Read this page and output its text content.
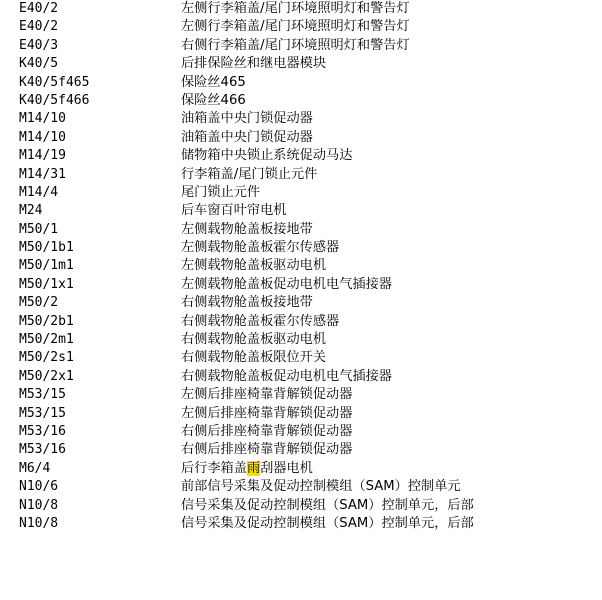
E40/2	左侧行李箱盖/尾门环境照明灯和警告灯
E40/2	左侧行李箱盖/尾门环境照明灯和警告灯
E40/3	右侧行李箱盖/尾门环境照明灯和警告灯
K40/5	后排保险丝和继电器模块
K40/5f465	保险丝465
K40/5f466	保险丝466
M14/10	油箱盖中央门锁促动器
M14/10	油箱盖中央门锁促动器
M14/19	储物箱中央锁止系统促动马达
M14/31	行李箱盖/尾门锁止元件
M14/4	尾门锁止元件
M24	后车窗百叶帘电机
M50/1	左侧载物舱盖板接地带
M50/1b1	左侧载物舱盖板霍尔传感器
M50/1m1	左侧载物舱盖板驱动电机
M50/1x1	左侧载物舱盖板促动电机电气插接器
M50/2	右侧载物舱盖板接地带
M50/2b1	右侧载物舱盖板霍尔传感器
M50/2m1	右侧载物舱盖板驱动电机
M50/2s1	右侧载物舱盖板限位开关
M50/2x1	右侧载物舱盖板促动电机电气插接器
M53/15	左侧后排座椅靠背解锁促动器
M53/15	左侧后排座椅靠背解锁促动器
M53/16	右侧后排座椅靠背解锁促动器
M53/16	右侧后排座椅靠背解锁促动器
M6/4	后行李箱盖雨刮器电机
N10/6	前部信号采集及促动控制模组（SAM）控制单元
N10/8	信号采集及促动控制模组（SAM）控制单元，后部
N10/8	信号采集及促动控制模组（SAM）控制单元，后部
